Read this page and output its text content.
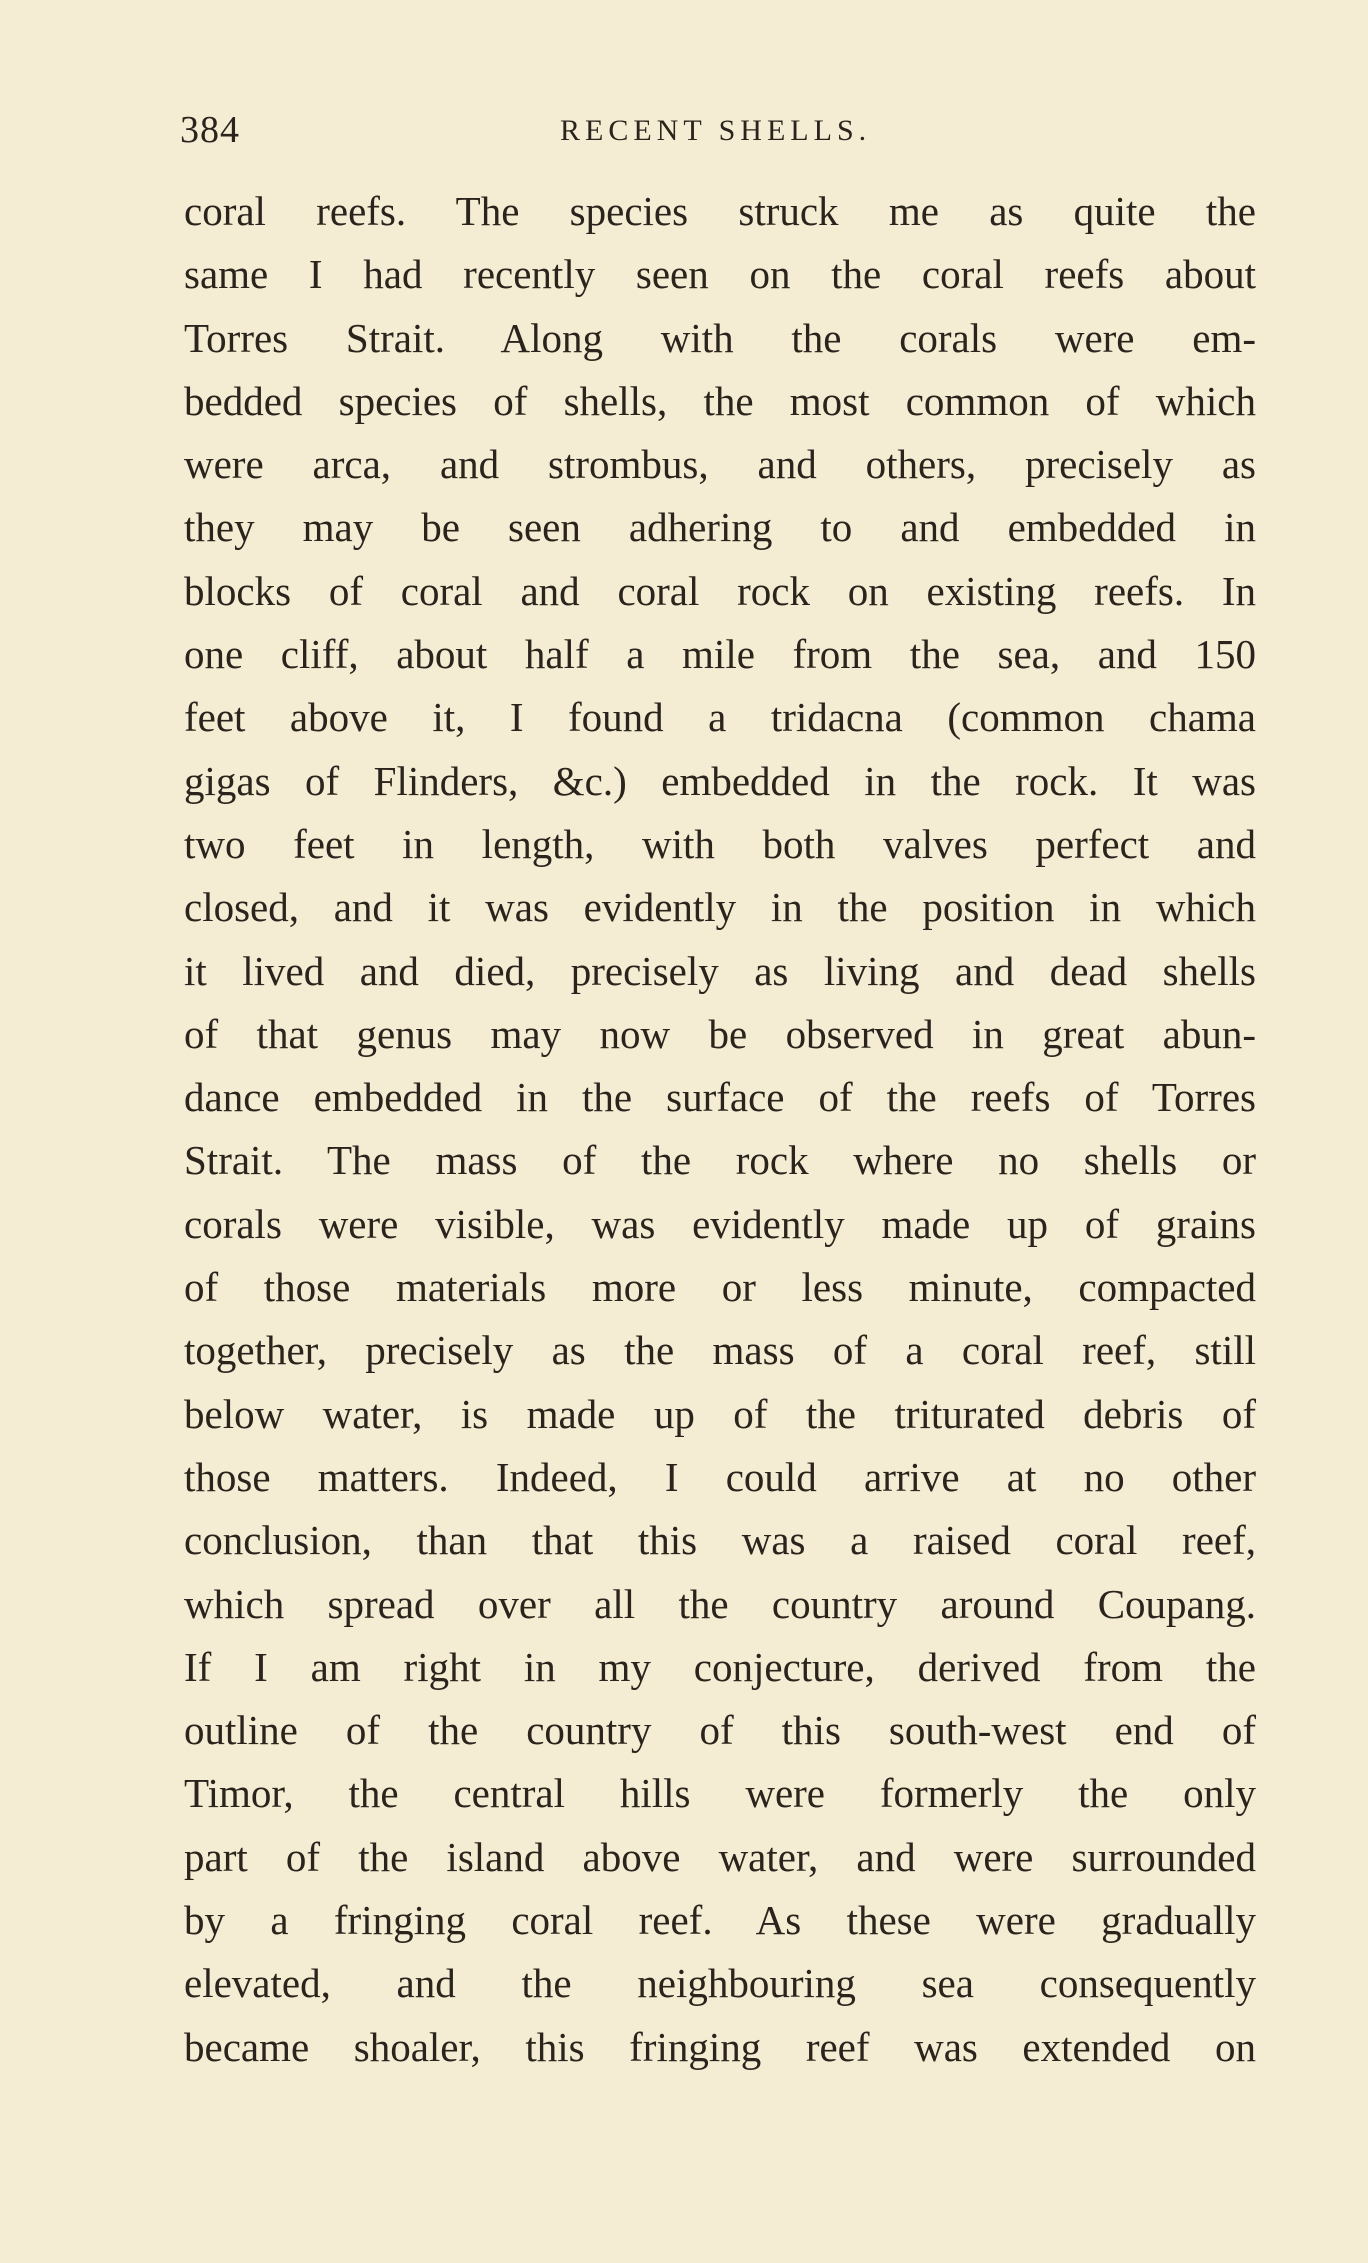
384	RECENT SHELLS.
coral reefs. The species struck me as quite the
same I had recently seen on the coral reefs about
Torres Strait. Along with the corals were em-
bedded species of shells, the most common of which
were arca, and strombus, and others, precisely as
they may be seen adhering to and embedded in
blocks of coral and coral rock on existing reefs. In
one cliff, about half a mile from the sea, and 150
feet above it, I found a tridacna (common chama
gigas of Flinders, &c.) embedded in the rock. It was
two feet in length, with both valves perfect and
closed, and it was evidently in the position in which
it lived and died, precisely as living and dead shells
of that genus may now be observed in great abun-
dance embedded in the surface of the reefs of Torres
Strait. The mass of the rock where no shells or
corals were visible, was evidently made up of grains
of those materials more or less minute, compacted
together, precisely as the mass of a coral reef, still
below water, is made up of the triturated debris of
those matters. Indeed, I could arrive at no other
conclusion, than that this was a raised coral reef,
which spread over all the country around Coupang.
If I am right in my conjecture, derived from the
outline of the country of this south-west end of
Timor, the central hills were formerly the only
part of the island above water, and were surrounded
by a fringing coral reef. As these were gradually
elevated, and the neighbouring sea consequently
became shoaler, this fringing reef was extended on
